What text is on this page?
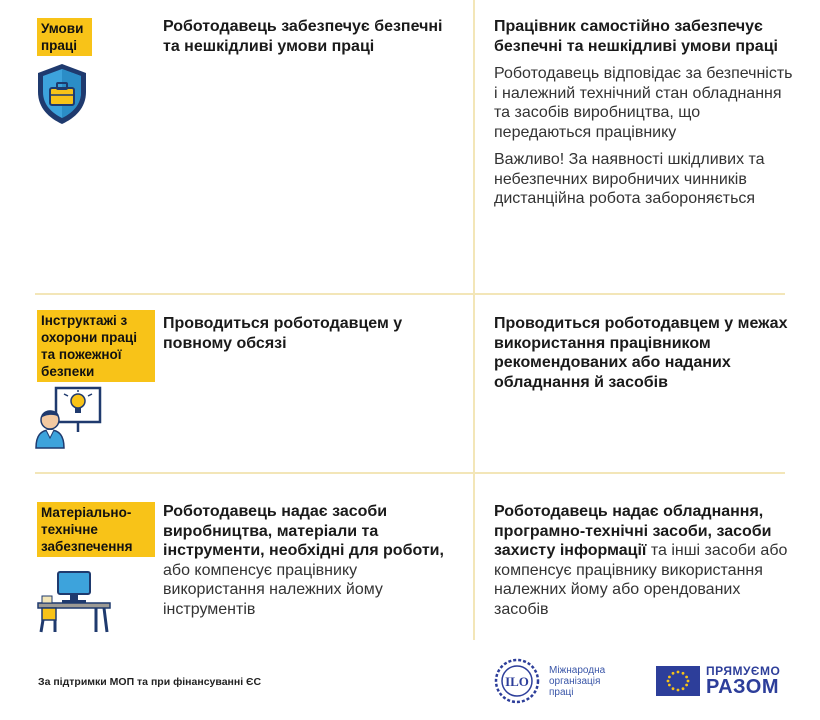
Умови праці
Роботодавець забезпечує безпечні та нешкідливі умови праці
Працівник самостійно забезпечує безпечні та нешкідливі умови праці
Роботодавець відповідає за безпечність і належний технічний стан обладнання та засобів виробництва, що передаються працівнику
Важливо! За наявності шкідливих та небезпечних виробничих чинників дистанційна робота забороняється
Інструктажі з охорони праці та пожежної безпеки
Проводиться роботодавцем у повному обсязі
Проводиться роботодавцем у межах використання працівником рекомендованих або наданих обладнання й засобів
Матеріально-технічне забезпечення
Роботодавець надає засоби виробництва, матеріали та інструменти, необхідні для роботи, або компенсує працівнику використання належних йому інструментів
Роботодавець надає обладнання, програмно-технічні засоби, засоби захисту інформації та інші засоби або компенсує працівнику використання належних йому або орендованих засобів
За підтримки МОП та при фінансуванні ЄС	ILO
Міжнародна
організація
праці
ПРЯМУЄМО
РАЗОМ
